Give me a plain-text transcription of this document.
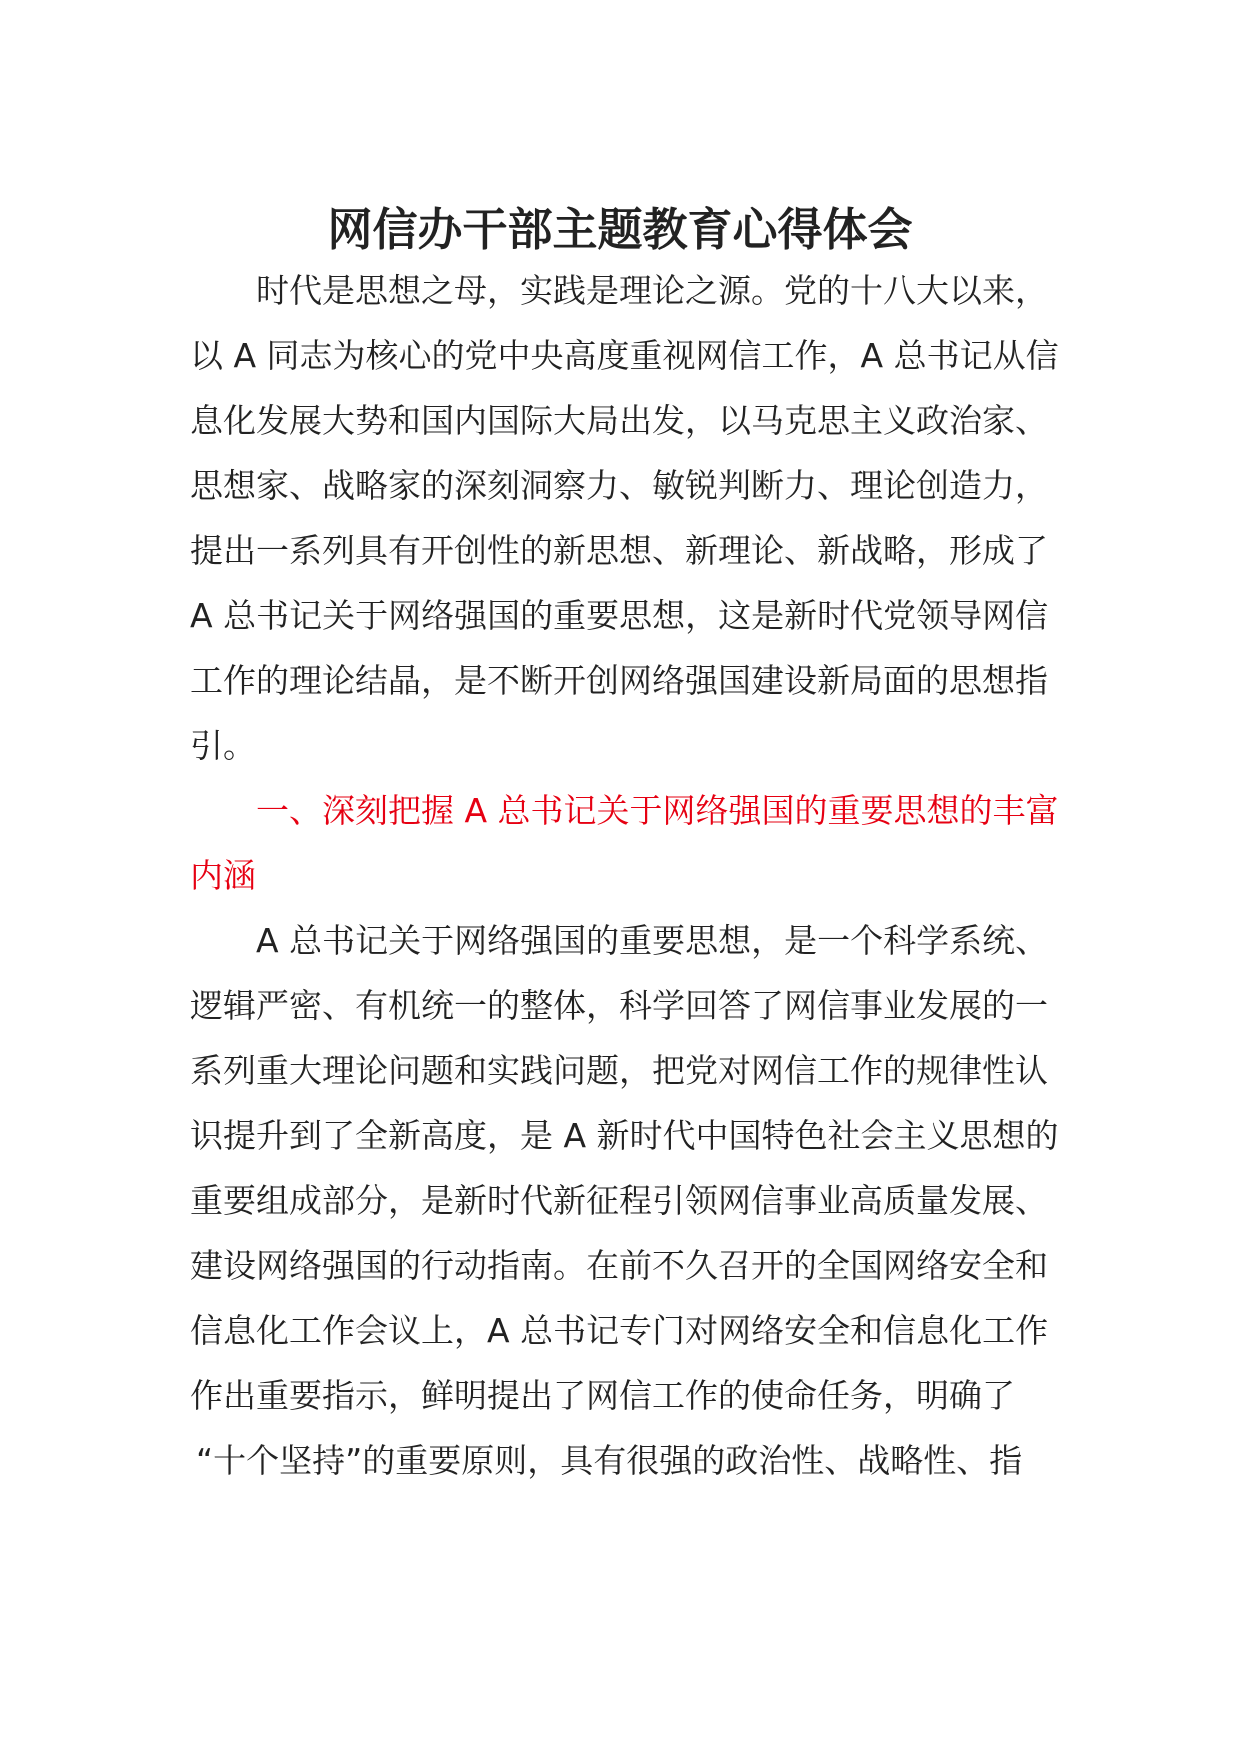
网信办干部主题教育心得体会
时代是思想之母，实践是理论之源。党的十八大以来，
以 A 同志为核心的党中央高度重视网信工作，A 总书记从信
息化发展大势和国内国际大局出发，以马克思主义政治家、
思想家、战略家的深刻洞察力、敏锐判断力、理论创造力，
提出一系列具有开创性的新思想、新理论、新战略，形成了
A 总书记关于网络强国的重要思想，这是新时代党领导网信
工作的理论结晶，是不断开创网络强国建设新局面的思想指
引。
一、深刻把握 A 总书记关于网络强国的重要思想的丰富
内涵
A 总书记关于网络强国的重要思想，是一个科学系统、
逻辑严密、有机统一的整体，科学回答了网信事业发展的一
系列重大理论问题和实践问题，把党对网信工作的规律性认
识提升到了全新高度，是 A 新时代中国特色社会主义思想的
重要组成部分，是新时代新征程引领网信事业高质量发展、
建设网络强国的行动指南。在前不久召开的全国网络安全和
信息化工作会议上，A 总书记专门对网络安全和信息化工作
作出重要指示，鲜明提出了网信工作的使命任务，明确了
“十个坚持”的重要原则，具有很强的政治性、战略性、指
